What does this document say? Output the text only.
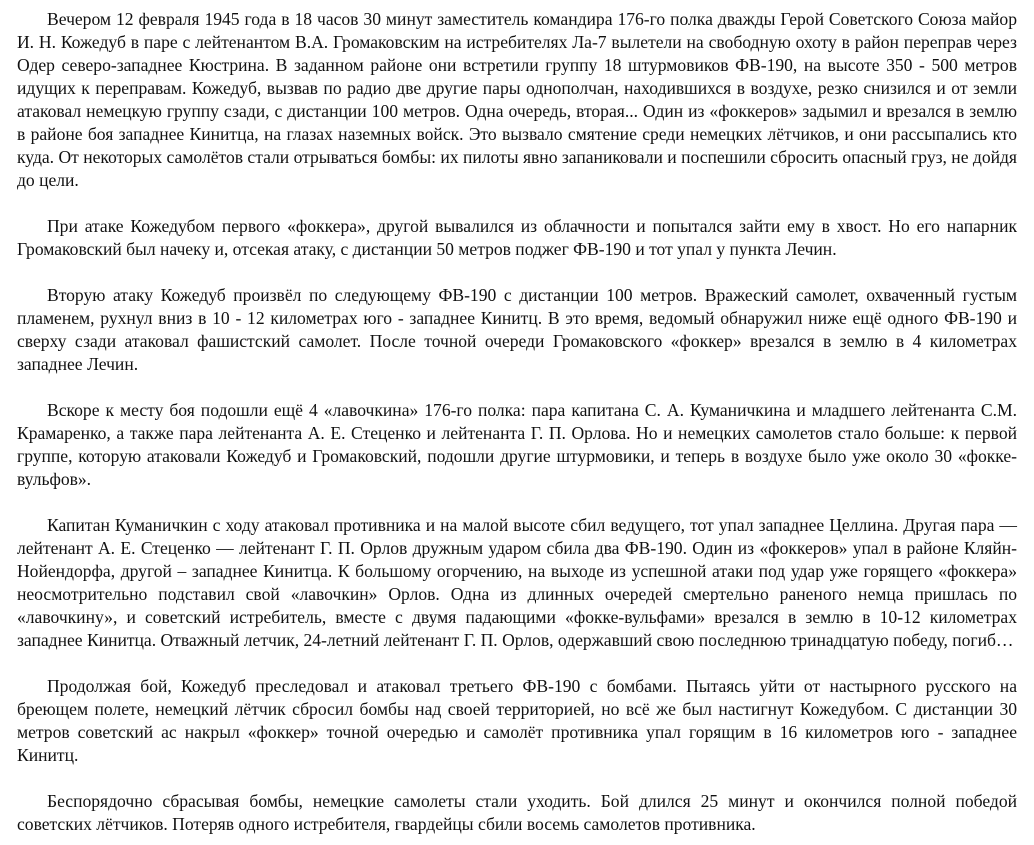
Вечером 12 февраля 1945 года в 18 часов 30 минут заместитель командира 176-го полка дважды Герой Советского Союза майор И. Н. Кожедуб в паре с лейтенантом В.А. Громаковским на истребителях Ла-7 вылетели на свободную охоту в район переправ через Одер северо-западнее Кюстрина. В заданном районе они встретили группу 18 штурмовиков ФВ-190, на высоте 350 - 500 метров идущих к переправам. Кожедуб, вызвав по радио две другие пары однополчан, находившихся в воздухе, резко снизился и от земли атаковал немецкую группу сзади, с дистанции 100 метров. Одна очередь, вторая... Один из «фоккеров» задымил и врезался в землю в районе боя западнее Кинитца, на глазах наземных войск. Это вызвало смятение среди немецких лётчиков, и они рассыпались кто куда. От некоторых самолётов стали отрываться бомбы: их пилоты явно запаниковали и поспешили сбросить опасный груз, не дойдя до цели.

При атаке Кожедубом первого «фоккера», другой вывалился из облачности и попытался зайти ему в хвост. Но его напарник Громаковский был начеку и, отсекая атаку, с дистанции 50 метров поджег ФВ-190 и тот упал у пункта Лечин.

Вторую атаку Кожедуб произвёл по следующему ФВ-190 с дистанции 100 метров. Вражеский самолет, охваченный густым пламенем, рухнул вниз в 10 - 12 километрах юго - западнее Кинитц. В это время, ведомый обнаружил ниже ещё одного ФВ-190 и сверху сзади атаковал фашистский самолет. После точной очереди Громаковского «фоккер» врезался в землю в 4 километрах западнее Лечин.

Вскоре к месту боя подошли ещё 4 «лавочкина» 176-го полка: пара капитана С. А. Куманичкина и младшего лейтенанта С.М. Крамаренко, а также пара лейтенанта А. Е. Стеценко и лейтенанта Г. П. Орлова. Но и немецких самолетов стало больше: к первой группе, которую атаковали Кожедуб и Громаковский, подошли другие штурмовики, и теперь в воздухе было уже около 30 «фокке-вульфов».

Капитан Куманичкин с ходу атаковал противника и на малой высоте сбил ведущего, тот упал западнее Целлина. Другая пара — лейтенант А. Е. Стеценко — лейтенант Г. П. Орлов дружным ударом сбила два ФВ-190. Один из «фоккеров» упал в районе Кляйн-Нойендорфа, другой – западнее Кинитца. К большому огорчению, на выходе из успешной атаки под удар уже горящего «фоккера» неосмотрительно подставил свой «лавочкин» Орлов. Одна из длинных очередей смертельно раненого немца пришлась по «лавочкину», и советский истребитель, вместе с двумя падающими «фокке-вульфами» врезался в землю в 10-12 километрах западнее Кинитца. Отважный летчик, 24-летний лейтенант Г. П. Орлов, одержавший свою последнюю тринадцатую победу, погиб…

Продолжая бой, Кожедуб преследовал и атаковал третьего ФВ-190 с бомбами. Пытаясь уйти от настырного русского на бреющем полете, немецкий лётчик сбросил бомбы над своей территорией, но всё же был настигнут Кожедубом. С дистанции 30 метров советский ас накрыл «фоккер» точной очередью и самолёт противника упал горящим в 16 километров юго - западнее Кинитц.

Беспорядочно сбрасывая бомбы, немецкие самолеты стали уходить. Бой длился 25 минут и окончился полной победой советских лётчиков. Потеряв одного истребителя, гвардейцы сбили восемь самолетов противника.
